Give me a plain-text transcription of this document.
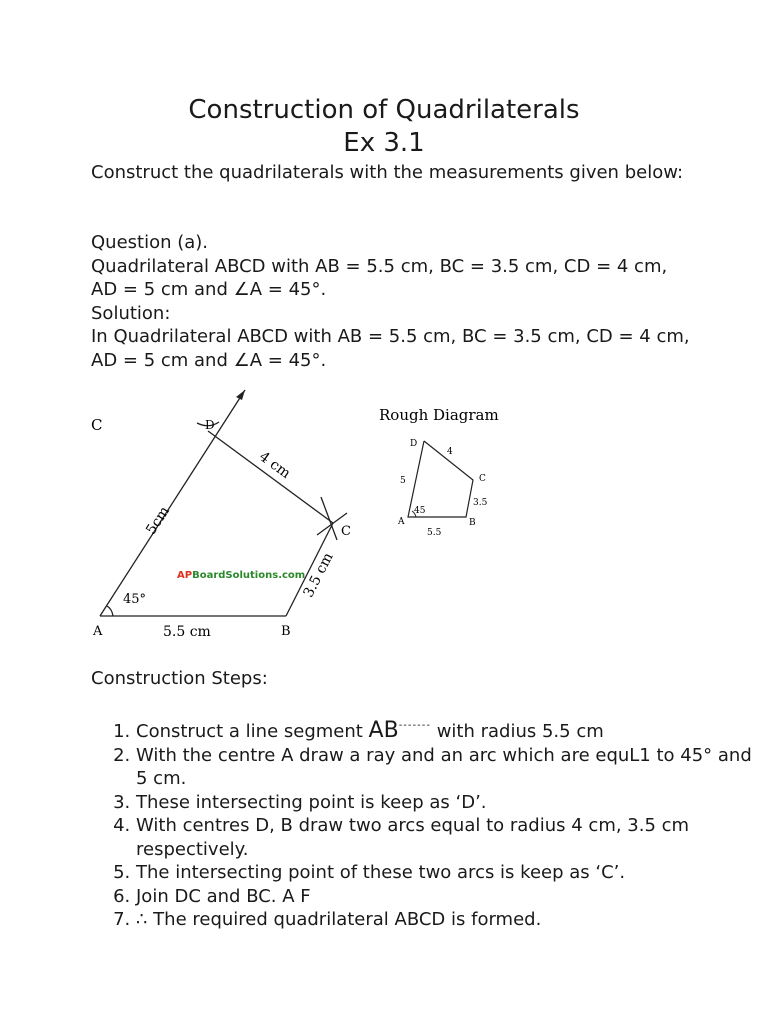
Construction of Quadrilaterals
Ex 3.1
Construct the quadrilaterals with the measurements given below:
Question (a).
Quadrilateral ABCD with AB = 5.5 cm, BC = 3.5 cm, CD = 4 cm, AD = 5 cm and ∠A = 45°.
Solution:
In Quadrilateral ABCD with AB = 5.5 cm, BC = 3.5 cm, CD = 4 cm, AD = 5 cm and ∠A = 45°.
C	D
A	B
C
5.5 cm
5cm
4 cm
3.5 cm
45°
APBoardSolutions.com
Rough Diagram
D
A	B
C
5
4
3.5
5.5
45
Construction Steps:
1. Construct a line segment AB------- with radius 5.5 cm
2. With the centre A draw a ray and an arc which are equL1 to 45° and 5 cm.
3. These intersecting point is keep as ‘D’.
4. With centres D, B draw two arcs equal to radius 4 cm, 3.5 cm respectively.
5. The intersecting point of these two arcs is keep as ‘C’.
6. Join DC and BC. A F
7. ∴ The required quadrilateral ABCD is formed.
